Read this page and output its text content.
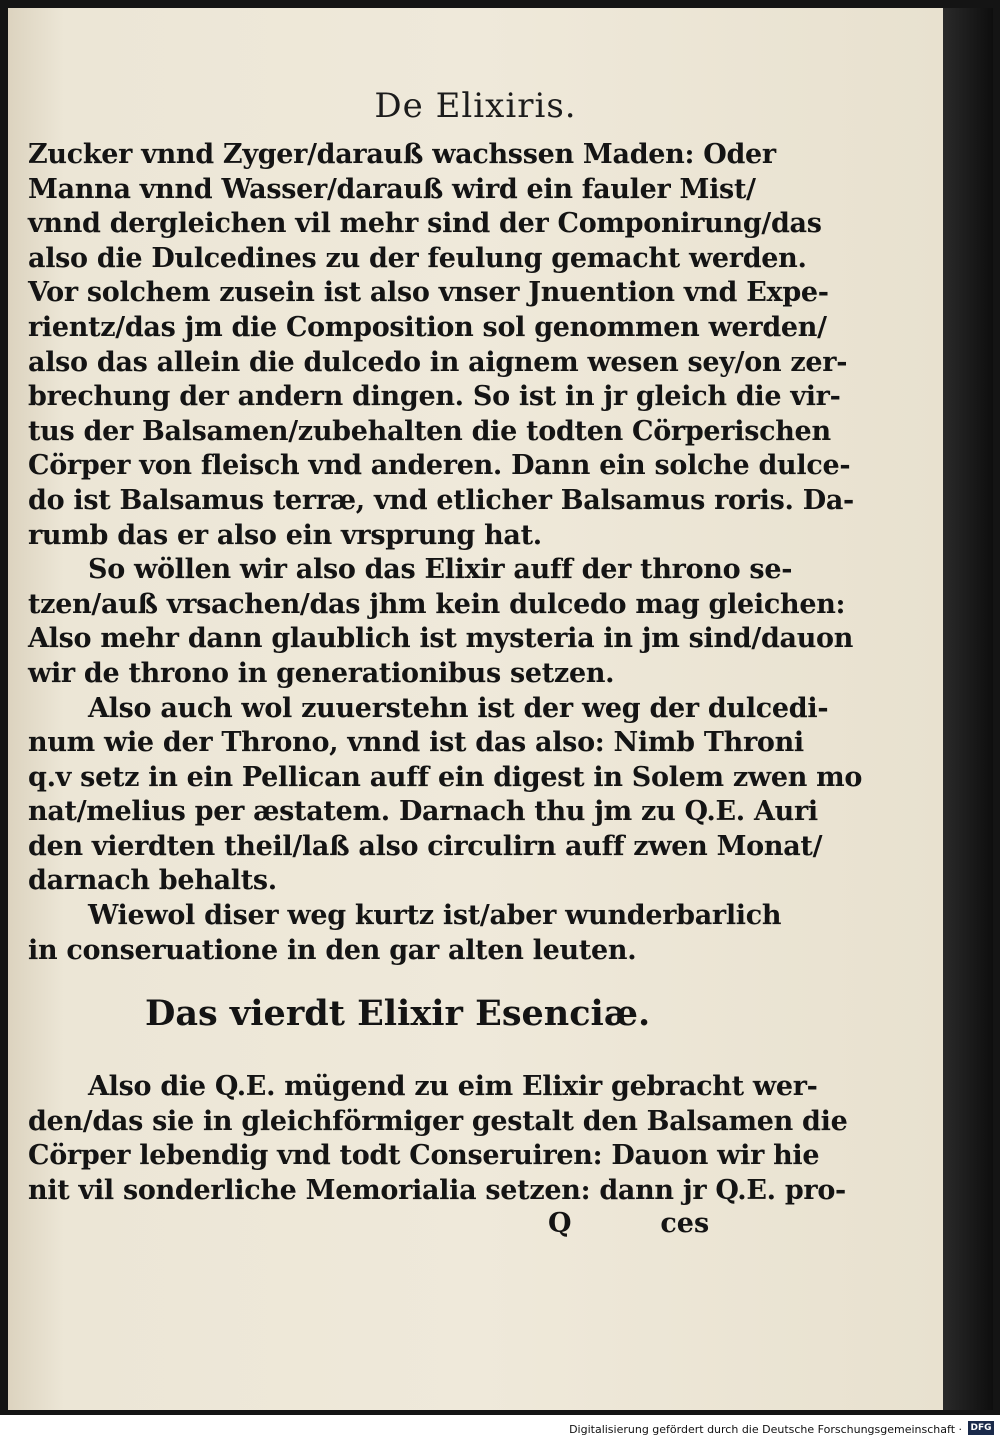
De Elixiris.
Zucker vnnd Zyger/darauß wachssen Maden: Oder
Manna vnnd Wasser/darauß wird ein fauler Mist/
vnnd dergleichen vil mehr sind der Componirung/das
also die Dulcedines zu der feulung gemacht werden.
Vor solchem zusein ist also vnser Jnuention vnd Expe-
rientz/das jm die Composition sol genommen werden/
also das allein die dulcedo in aignem wesen sey/on zer-
brechung der andern dingen. So ist in jr gleich die vir-
tus der Balsamen/zubehalten die todten Cörperischen
Cörper von fleisch vnd anderen. Dann ein solche dulce-
do ist Balsamus terræ, vnd etlicher Balsamus roris. Da-
rumb das er also ein vrsprung hat.
So wöllen wir also das Elixir auff der throno se-
tzen/auß vrsachen/das jhm kein dulcedo mag gleichen:
Also mehr dann glaublich ist mysteria in jm sind/dauon
wir de throno in generationibus setzen.
Also auch wol zuuerstehn ist der weg der dulcedi-
num wie der Throno, vnnd ist das also: Nimb Throni
q.v setz in ein Pellican auff ein digest in Solem zwen mo
nat/melius per æstatem. Darnach thu jm zu Q.E. Auri
den vierdten theil/laß also circulirn auff zwen Monat/
darnach behalts.
Wiewol diser weg kurtz ist/aber wunderbarlich
in conseruatione in den gar alten leuten.
Das vierdt Elixir Esenciæ.
Also die Q.E. mügend zu eim Elixir gebracht wer-
den/das sie in gleichförmiger gestalt den Balsamen die
Cörper lebendig vnd todt Conseruiren: Dauon wir hie
nit vil sonderliche Memorialia setzen: dann jr Q.E. pro-
Q	ces
Digitalisierung gefördert durch die Deutsche Forschungsgemeinschaft · DFG
